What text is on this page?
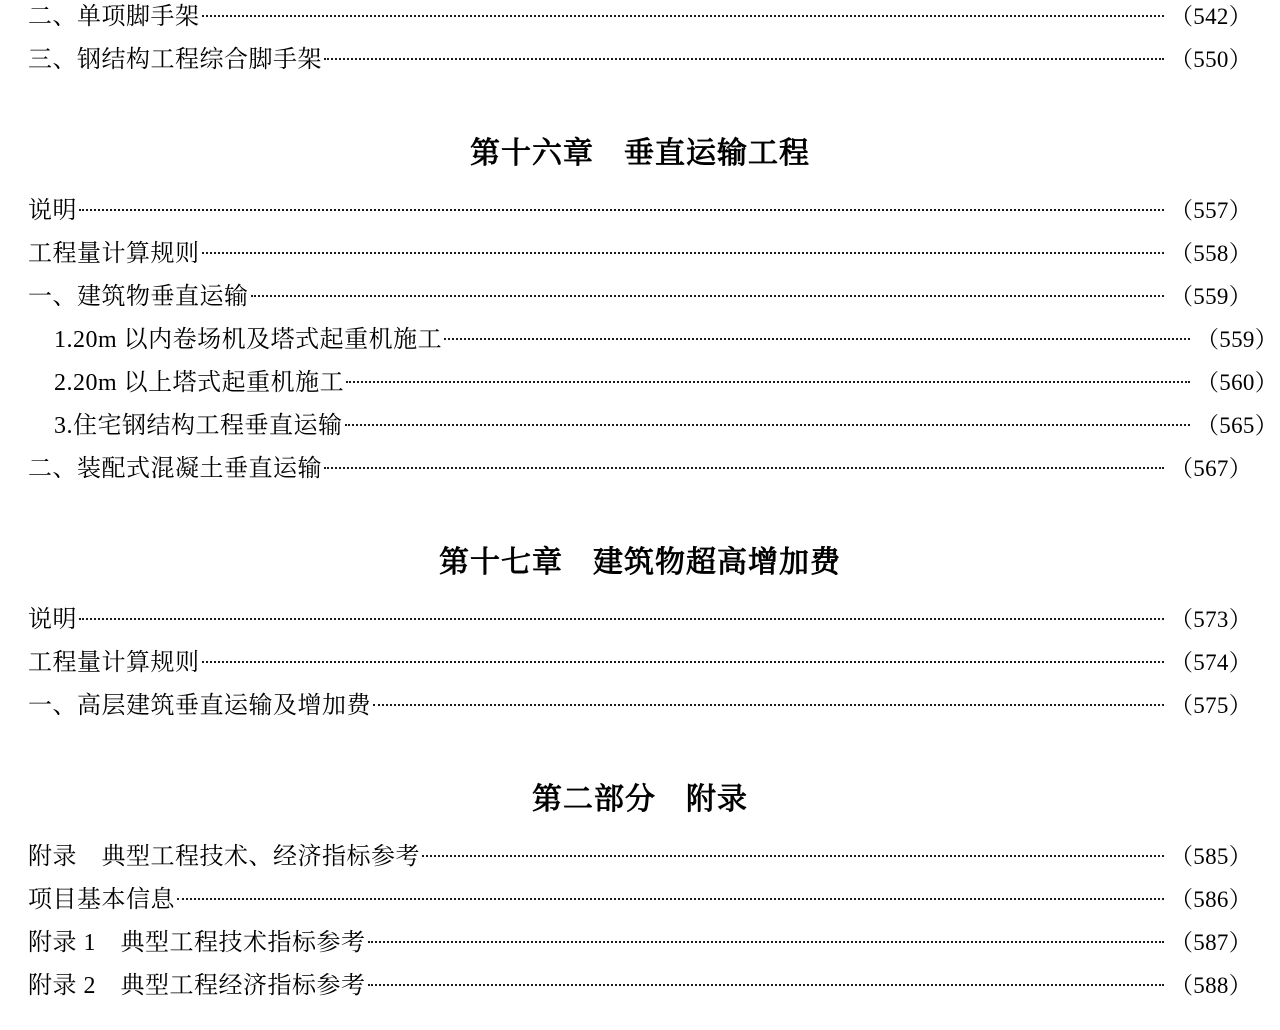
二、单项脚手架	（542）
三、钢结构工程综合脚手架	（550）
第十六章 垂直运输工程
说明	（557）
工程量计算规则	（558）
一、建筑物垂直运输	（559）
1.20m 以内卷场机及塔式起重机施工	（559）
2.20m 以上塔式起重机施工	（560）
3.住宅钢结构工程垂直运输	（565）
二、装配式混凝土垂直运输	（567）
第十七章 建筑物超高增加费
说明	（573）
工程量计算规则	（574）
一、高层建筑垂直运输及增加费	（575）
第二部分 附录
附录　典型工程技术、经济指标参考	（585）
项目基本信息	（586）
附录 1　典型工程技术指标参考	（587）
附录 2　典型工程经济指标参考	（588）
